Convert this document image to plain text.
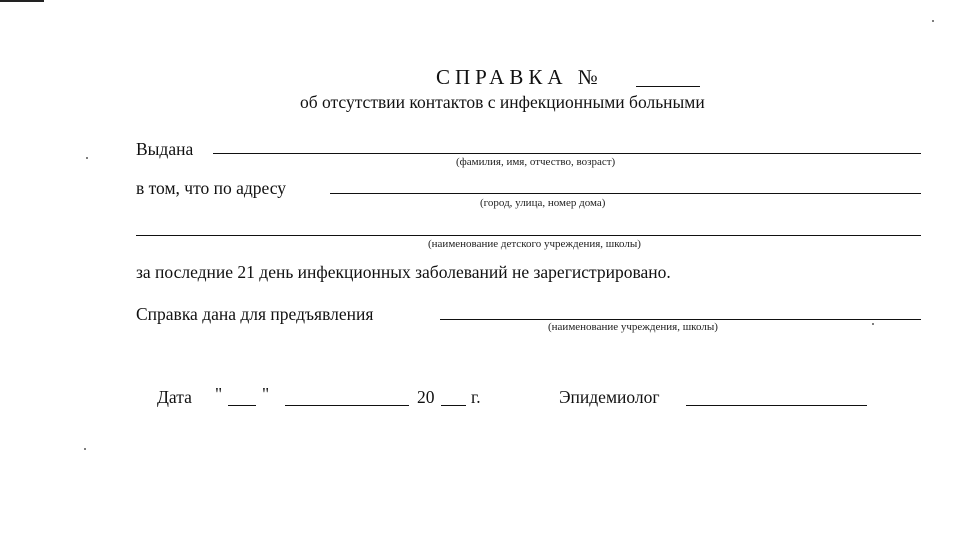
СПРАВКА №
об отсутствии контактов с инфекционными больными
Выдана
(фамилия, имя, отчество, возраст)
в том, что по адресу
(город, улица, номер дома)
(наименование детского учреждения, школы)
за последние 21 день инфекционных заболеваний не зарегистрировано.
Справка дана для предъявления
(наименование учреждения, школы)
Дата " "	20 г.	Эпидемиолог
